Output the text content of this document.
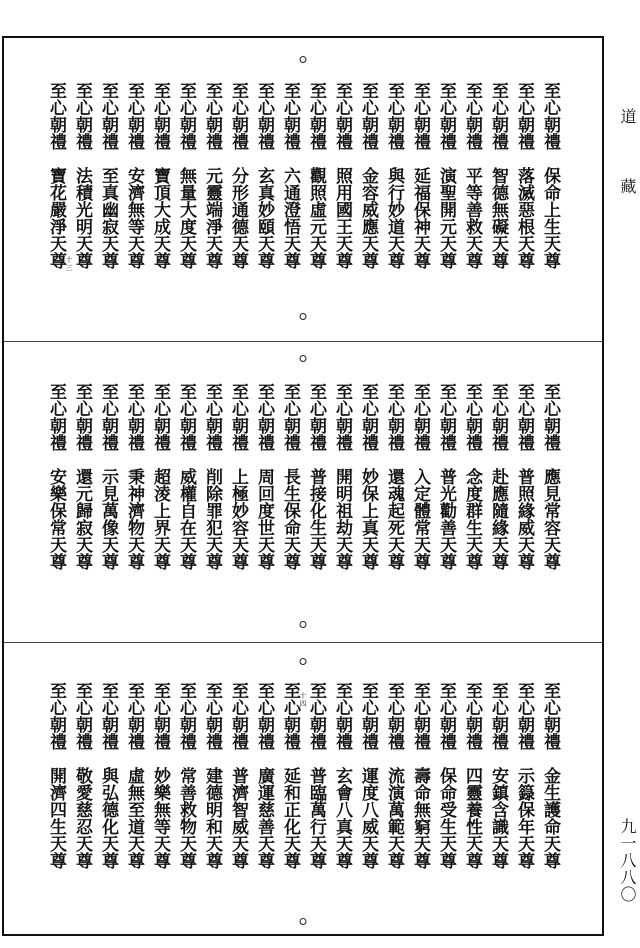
至心朝禮　保命上生天尊
至心朝禮　落滅惡根天尊
至心朝禮　智德無礙天尊
至心朝禮　平等善救天尊
至心朝禮　演聖開元天尊
至心朝禮　延福保神天尊
至心朝禮　與行妙道天尊
至心朝禮　金容威應天尊
至心朝禮　照用國王天尊
至心朝禮　觀照虛元天尊
至心朝禮　六通澄悟天尊
至心朝禮　玄真妙頤天尊
至心朝禮　分形通德天尊
至心朝禮　元靈端淨天尊
至心朝禮　無量大度天尊
至心朝禮　寶頂大成天尊
至心朝禮　安濟無等天尊
至心朝禮　至真幽寂天尊
至心朝禮　法積光明天尊
至心朝禮　寶花嚴淨天尊 十三
至心朝禮　應見常容天尊
至心朝禮　普照緣威天尊
至心朝禮　赴應隨緣天尊
至心朝禮　念度群生天尊
至心朝禮　普光勸善天尊
至心朝禮　入定體常天尊
至心朝禮　還魂起死天尊
至心朝禮　妙保上真天尊
至心朝禮　開明祖劫天尊
至心朝禮　普接化生天尊
至心朝禮　長生保命天尊
至心朝禮　周回度世天尊
至心朝禮　上極妙容天尊
至心朝禮　削除罪犯天尊
至心朝禮　威權自在天尊
至心朝禮　超淩上界天尊
至心朝禮　秉神濟物天尊
至心朝禮　示見萬像天尊
至心朝禮　還元歸寂天尊
至心朝禮　安樂保常天尊
至心朝禮　金生護命天尊
至心朝禮　示籙保年天尊
至心朝禮　安鎮含識天尊
至心朝禮　四靈養性天尊
至心朝禮　保命受生天尊
至心朝禮　壽命無窮天尊
至心朝禮　流演萬範天尊
至心朝禮　運度八威天尊
至心朝禮　玄會八真天尊
至心朝禮　普臨萬行天尊
至心朝禮　延和正化天尊
至心朝禮　廣運慈善天尊
至心朝禮　普濟智威天尊
至心朝禮　建德明和天尊
至心朝禮　常善救物天尊
至心朝禮　妙樂無等天尊
至心朝禮　虛無至道天尊
至心朝禮　與弘德化天尊
至心朝禮　敬愛慈忍天尊
至心朝禮　開濟四生天尊	十四
道
藏
九一八八〇
